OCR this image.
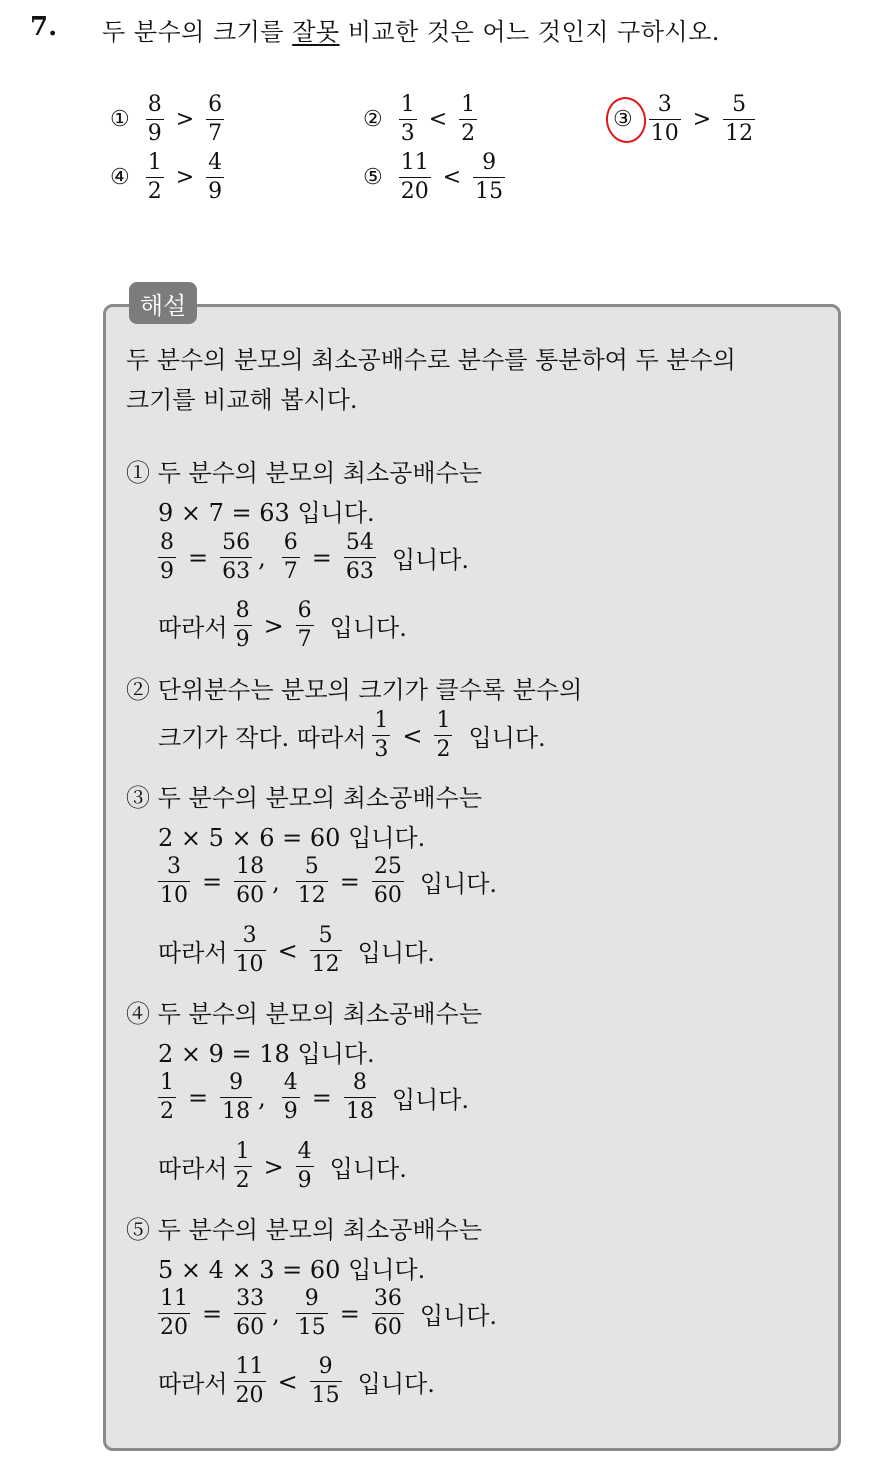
7. 두 분수의 크기를 잘못 비교한 것은 어느 것인지 구하시오.
① $\frac{8}{9} > \frac{6}{7}$	② $\frac{1}{3} < \frac{1}{2}$	③ $\frac{3}{10} > \frac{5}{12}$
④ $\frac{1}{2} > \frac{4}{9}$	⑤ $\frac{11}{20} < \frac{9}{15}$
해설
두 분수의 분모의 최소공배수로 분수를 통분하여 두 분수의
크기를 비교해 봅시다.
① 두 분수의 분모의 최소공배수는
9 × 7 = 63 입니다.
$\frac{8}{9} = \frac{56}{63}$ , $\frac{6}{7} = \frac{54}{63}$ 입니다.
따라서 $\frac{8}{9} > \frac{6}{7}$ 입니다.
② 단위분수는 분모의 크기가 클수록 분수의
크기가 작다. 따라서 $\frac{1}{3} < \frac{1}{2}$ 입니다.
③ 두 분수의 분모의 최소공배수는
2 × 5 × 6 = 60 입니다.
$\frac{3}{10} = \frac{18}{60}$ , $\frac{5}{12} = \frac{25}{60}$ 입니다.
따라서 $\frac{3}{10} < \frac{5}{12}$ 입니다.
④ 두 분수의 분모의 최소공배수는
2 × 9 = 18 입니다.
$\frac{1}{2} = \frac{9}{18}$ , $\frac{4}{9} = \frac{8}{18}$ 입니다.
따라서 $\frac{1}{2} > \frac{4}{9}$ 입니다.
⑤ 두 분수의 분모의 최소공배수는
5 × 4 × 3 = 60 입니다.
$\frac{11}{20} = \frac{33}{60}$ , $\frac{9}{15} = \frac{36}{60}$ 입니다.
따라서 $\frac{11}{20} < \frac{9}{15}$ 입니다.
